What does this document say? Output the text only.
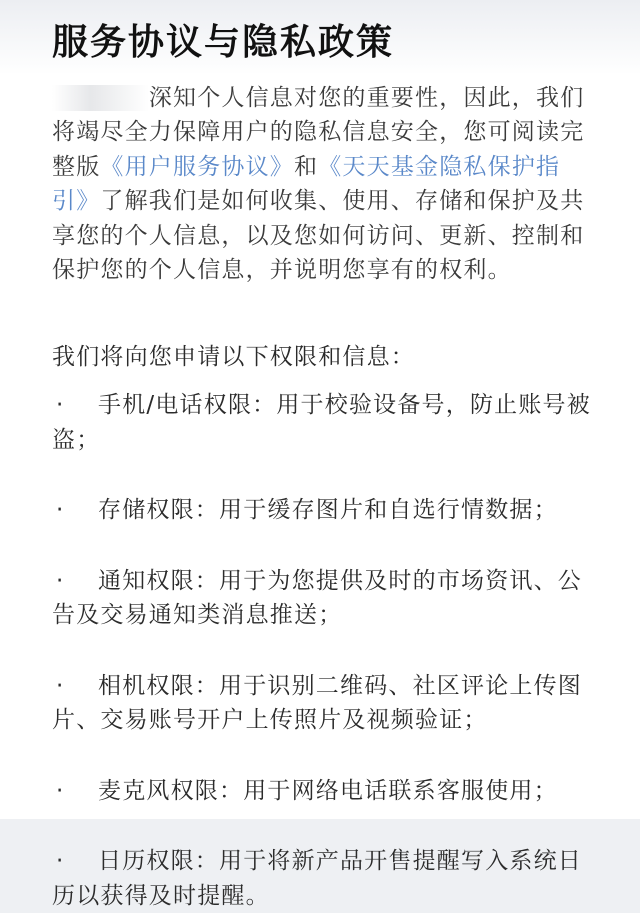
服务协议与隐私政策
深知个人信息对您的重要性，因此，我们将竭尽全力保障用户的隐私信息安全，您可阅读完整版《用户服务协议》和《天天基金隐私保护指引》了解我们是如何收集、使用、存储和保护及共享您的个人信息，以及您如何访问、更新、控制和保护您的个人信息，并说明您享有的权利。
我们将向您申请以下权限和信息：
· 手机/电话权限：用于校验设备号，防止账号被盗；
· 存储权限：用于缓存图片和自选行情数据；
· 通知权限：用于为您提供及时的市场资讯、公告及交易通知类消息推送；
· 相机权限：用于识别二维码、社区评论上传图片、交易账号开户上传照片及视频验证；
· 麦克风权限：用于网络电话联系客服使用；
· 日历权限：用于将新产品开售提醒写入系统日历以获得及时提醒。
